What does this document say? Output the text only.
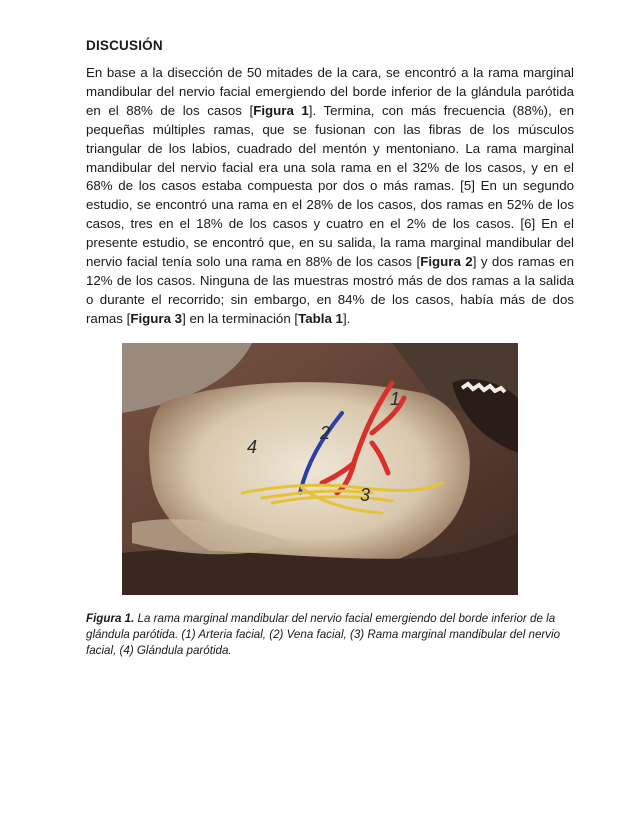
DISCUSIÓN

En base a la disección de 50 mitades de la cara, se encontró a la rama marginal mandibular del nervio facial emergiendo del borde inferior de la glándula parótida en el 88% de los casos [Figura 1]. Termina, con más frecuencia (88%), en pequeñas múltiples ramas, que se fusionan con las fibras de los músculos triangular de los labios, cuadrado del mentón y mentoniano. La rama marginal mandibular del nervio facial era una sola rama en el 32% de los casos, y en el 68% de los casos estaba compuesta por dos o más ramas. [5] En un segundo estudio, se encontró una rama en el 28% de los casos, dos ramas en 52% de los casos, tres en el 18% de los casos y cuatro en el 2% de los casos. [6] En el presente estudio, se encontró que, en su salida, la rama marginal mandibular del nervio facial tenía solo una rama en 88% de los casos [Figura 2] y dos ramas en 12% de los casos. Ninguna de las muestras mostró más de dos ramas a la salida o durante el recorrido; sin embargo, en 84% de los casos, había más de dos ramas [Figura 3] en la terminación [Tabla 1].

1
2
3
4

Figura 1. La rama marginal mandibular del nervio facial emergiendo del borde inferior de la glándula parótida. (1) Arteria facial, (2) Vena facial, (3) Rama marginal mandibular del nervio facial, (4) Glándula parótida.
